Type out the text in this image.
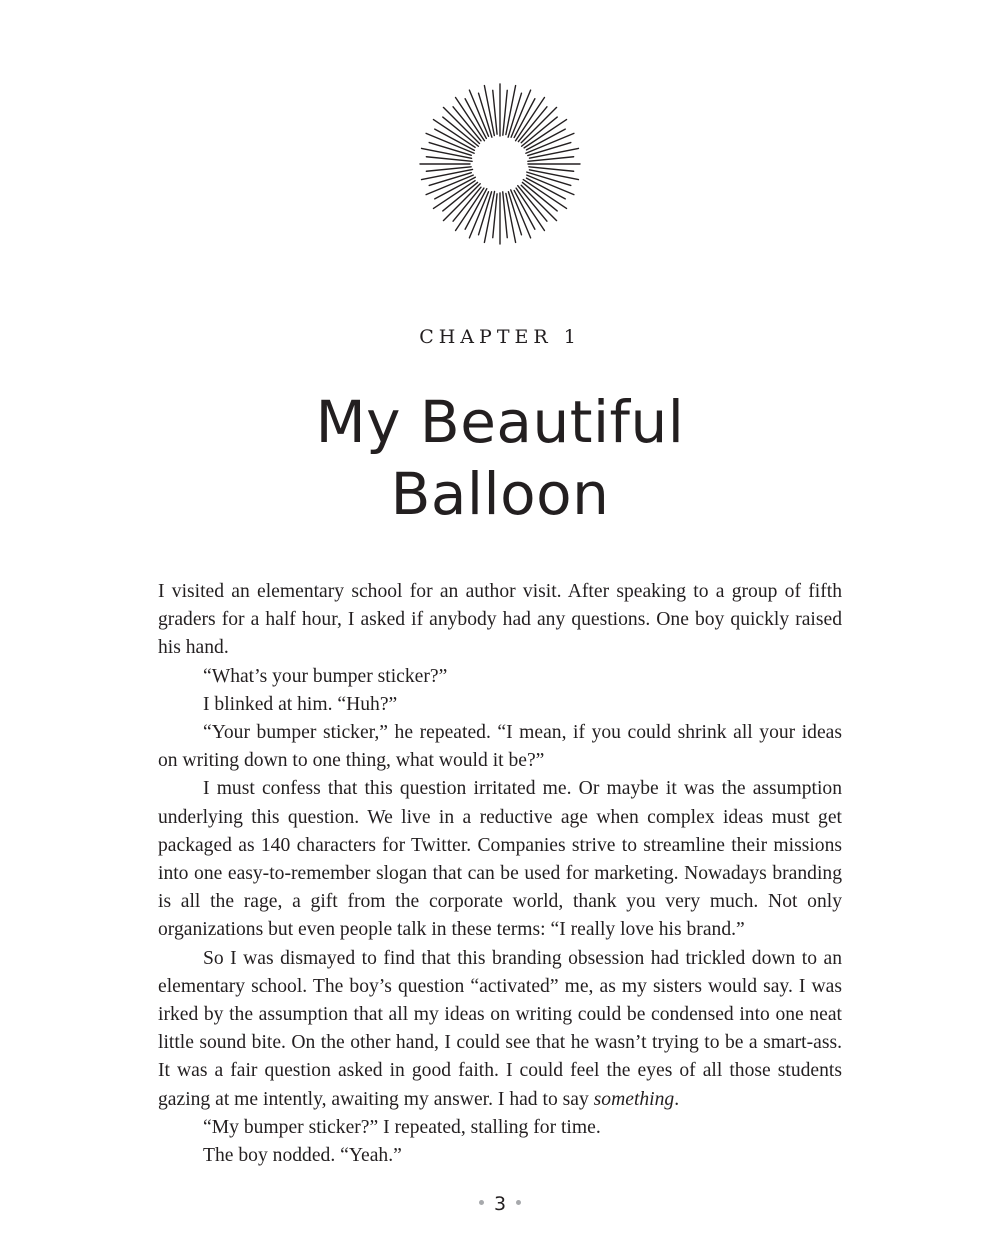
CHAPTER 1
My Beautiful
Balloon

I visited an elementary school for an author visit. After speaking to a group of fifth graders for a half hour, I asked if anybody had any questions. One boy quickly raised his hand.

“What’s your bumper sticker?”

I blinked at him. “Huh?”

“Your bumper sticker,” he repeated. “I mean, if you could shrink all your ideas on writing down to one thing, what would it be?”

I must confess that this question irritated me. Or maybe it was the assumption underlying this question. We live in a reductive age when complex ideas must get packaged as 140 characters for Twitter. Companies strive to streamline their missions into one easy-to-remember slogan that can be used for marketing. Nowadays branding is all the rage, a gift from the corporate world, thank you very much. Not only organizations but even people talk in these terms: “I really love his brand.”

So I was dismayed to find that this branding obsession had trickled down to an elementary school. The boy’s question “activated” me, as my sisters would say. I was irked by the assumption that all my ideas on writing could be condensed into one neat little sound bite. On the other hand, I could see that he wasn’t trying to be a smart-ass. It was a fair question asked in good faith. I could feel the eyes of all those students gazing at me intently, awaiting my answer. I had to say something.

“My bumper sticker?” I repeated, stalling for time.

The boy nodded. “Yeah.”

3
